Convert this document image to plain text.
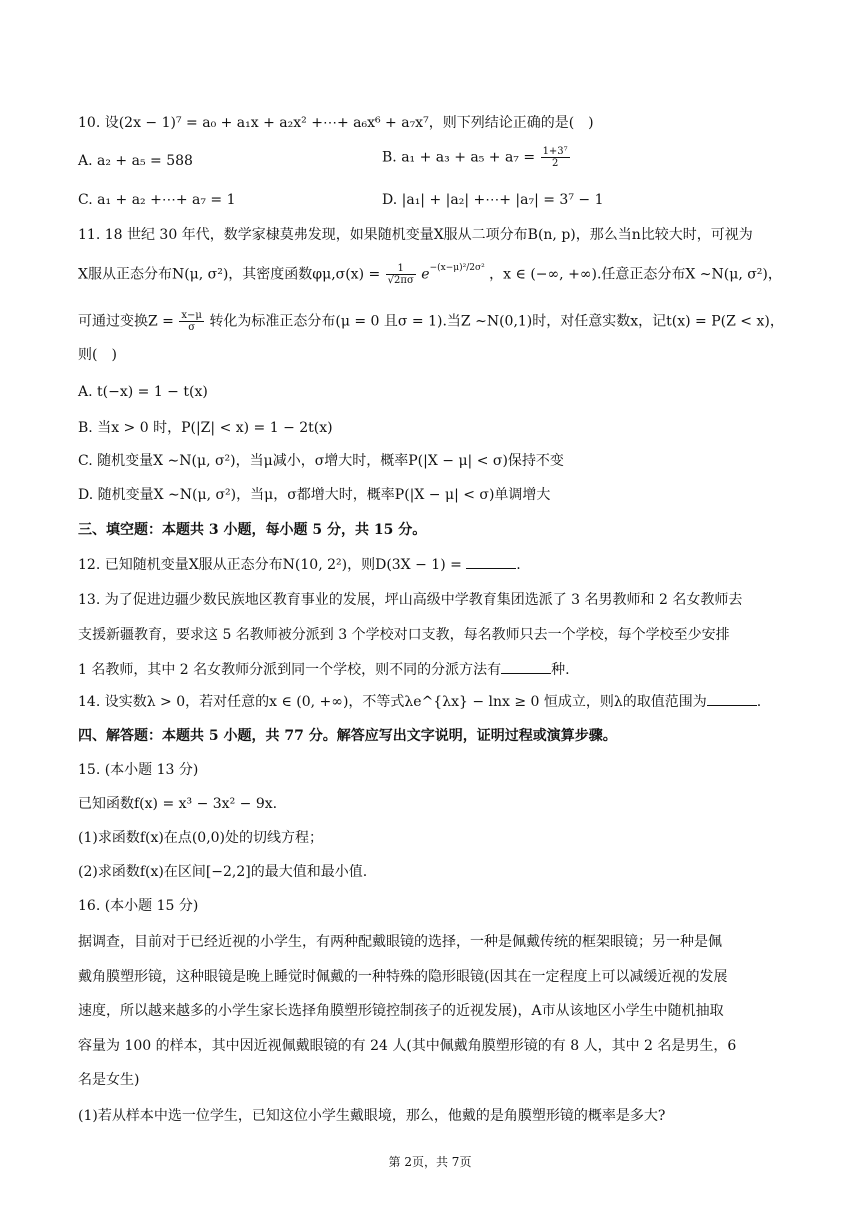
10. 设(2x − 1)⁷ = a₀ + a₁x + a₂x² +⋯+ a₆x⁶ + a₇x⁷，则下列结论正确的是(　)
A. a₂ + a₅ = 588	B. $a_1 + a_3 + a_5 + a_7 = \frac{\text{1+3⁷}}{2}$
C. a₁ + a₂ +⋯+ a₇ = 1	D. |a₁| + |a₂| +⋯+ |a₇| = 3⁷ − 1
11. 18 世纪 30 年代，数学家棣莫弗发现，如果随机变量X服从二项分布B(n, p)，那么当n比较大时，可视为
X服从正态分布N(μ, σ²)，其密度函数$\varphi\mu,\sigma(x) = \frac{1}{√2\pi\sigma} e-(x-\mu)^2/2\sigma^2$ ，x ∈ (−∞, +∞).任意正态分布X ∼N(μ, σ²)，
可通过变换$Z = \frac{x-\mu}{\sigma}$ 转化为标准正态分布(μ = 0 且σ = 1).当Z ∼N(0,1)时，对任意实数x，记t(x) = P(Z < x)，
则(　)
A. t(−x) = 1 − t(x)
B. 当x > 0 时，P(|Z| < x) = 1 − 2t(x)
C. 随机变量X ∼N(μ, σ²)，当μ减小，σ增大时，概率P(|X − μ| < σ)保持不变
D. 随机变量X ∼N(μ, σ²)，当μ，σ都增大时，概率P(|X − μ| < σ)单调增大
三、填空题：本题共 3 小题，每小题 5 分，共 15 分。
12. 已知随机变量X服从正态分布N(10, 2²)，则D(3X − 1) =	.
13. 为了促进边疆少数民族地区教育事业的发展，坪山高级中学教育集团选派了 3 名男教师和 2 名女教师去
支援新疆教育，要求这 5 名教师被分派到 3 个学校对口支教，每名教师只去一个学校，每个学校至少安排
1 名教师，其中 2 名女教师分派到同一个学校，则不同的分派方法有	种.
14. 设实数λ > 0，若对任意的x ∈ (0, +∞)，不等式λe^{λx} − lnx ≥ 0 恒成立，则λ的取值范围为	.
四、解答题：本题共 5 小题，共 77 分。解答应写出文字说明，证明过程或演算步骤。
15. (本小题 13 分)
已知函数f(x) = x³ − 3x² − 9x.
(1)求函数f(x)在点(0,0)处的切线方程；
(2)求函数f(x)在区间[−2,2]的最大值和最小值.
16. (本小题 15 分)
据调查，目前对于已经近视的小学生，有两种配戴眼镜的选择，一种是佩戴传统的框架眼镜；另一种是佩
戴角膜塑形镜，这种眼镜是晚上睡觉时佩戴的一种特殊的隐形眼镜(因其在一定程度上可以减缓近视的发展
速度，所以越来越多的小学生家长选择角膜塑形镜控制孩子的近视发展)，A市从该地区小学生中随机抽取
容量为 100 的样本，其中因近视佩戴眼镜的有 24 人(其中佩戴角膜塑形镜的有 8 人，其中 2 名是男生，6
名是女生)
(1)若从样本中选一位学生，已知这位小学生戴眼境，那么，他戴的是角膜塑形镜的概率是多大?
第 2页，共 7页
